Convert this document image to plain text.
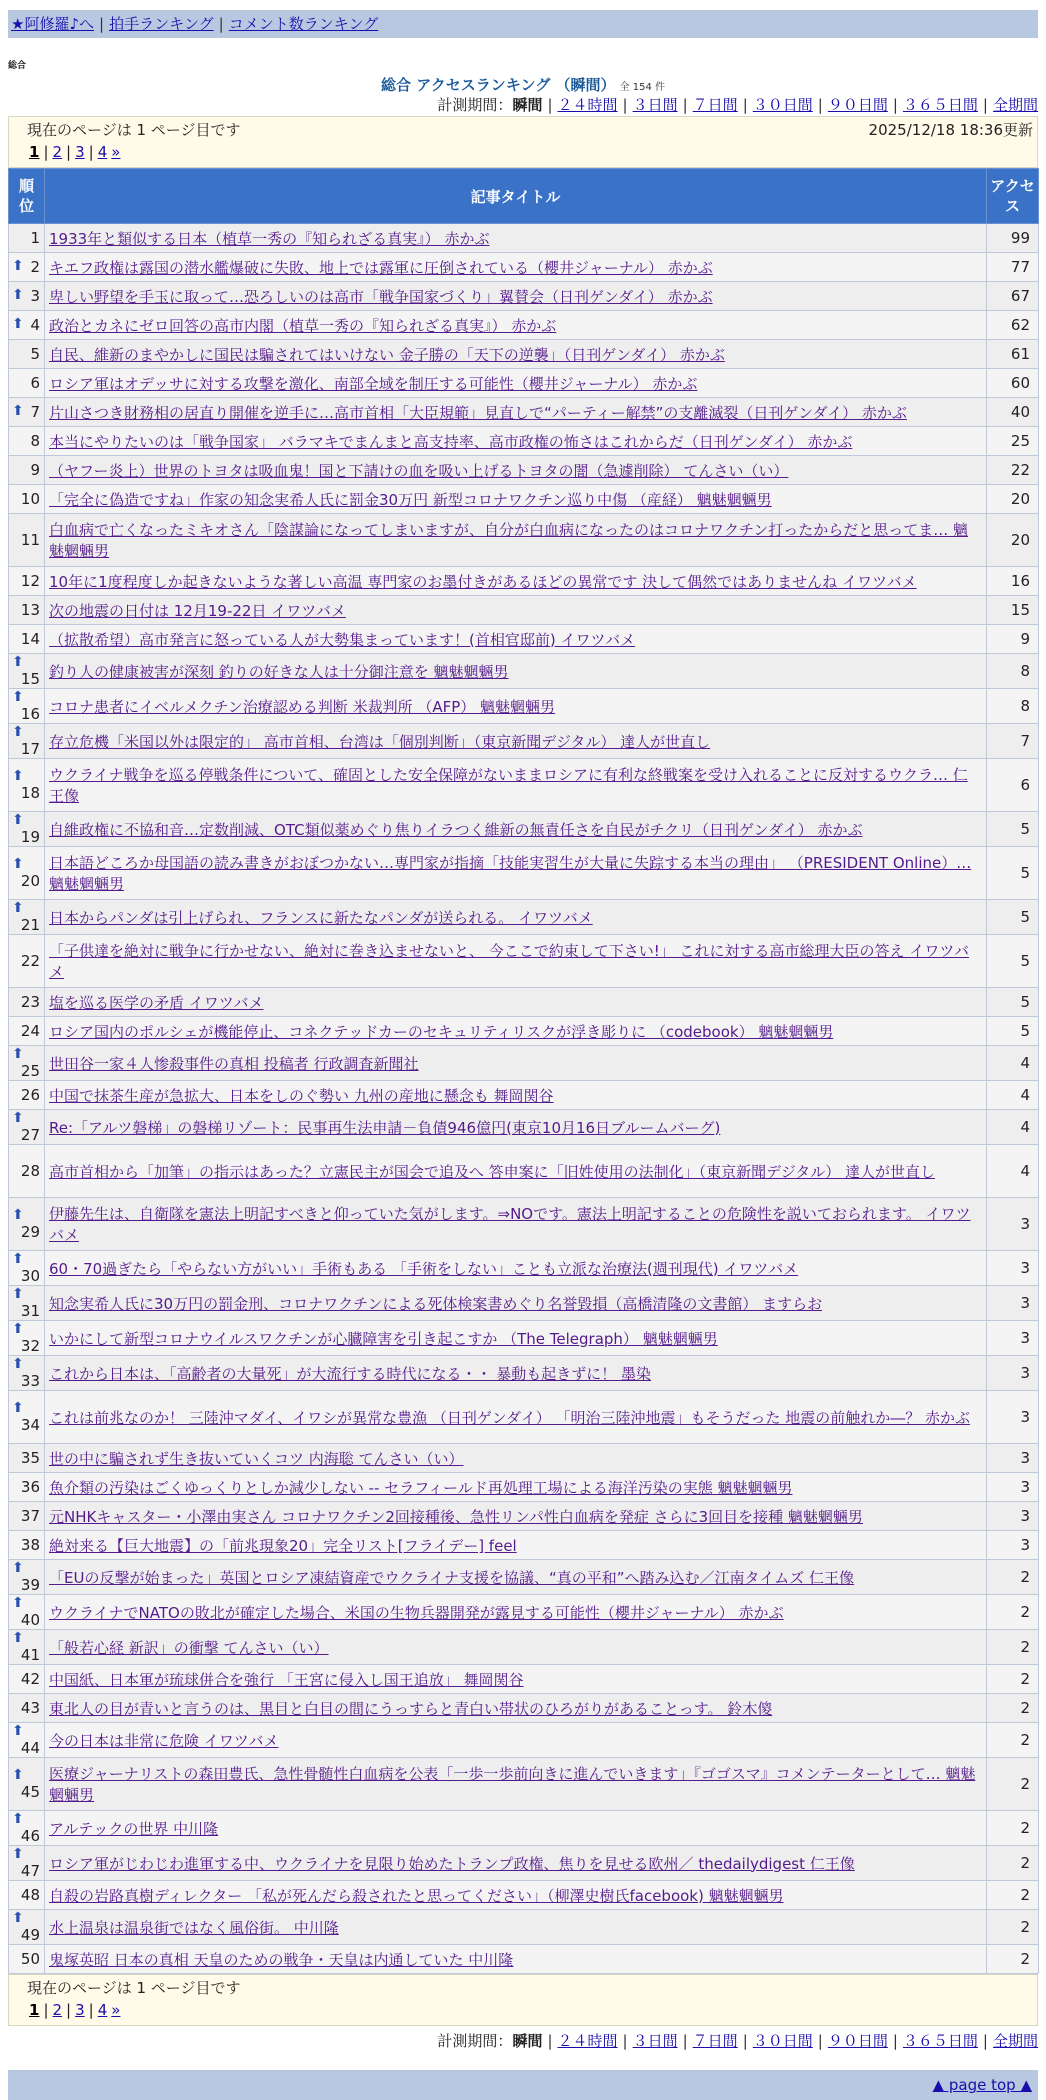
★阿修羅♪へ | 拍手ランキング | コメント数ランキング
総合
総合 アクセスランキング （瞬間） 全 154 件
計測期間：瞬間 | ２４時間 | ３日間 | ７日間 | ３０日間 | ９０日間 | ３６５日間 | 全期間
現在のページは 1 ページ目です	2025/12/18 18:36更新
1 | 2 | 3 | 4 »
順位	記事タイトル	アクセス
1	1933年と類似する日本（植草一秀の『知られざる真実』） 赤かぶ	99

⬆
2	キエフ政権は露国の潜水艦爆破に失敗、地上では露軍に圧倒されている（櫻井ジャーナル） 赤かぶ	77

⬆
3	卑しい野望を手玉に取って…恐ろしいのは高市「戦争国家づくり」翼賛会（日刊ゲンダイ） 赤かぶ	67

⬆
4	政治とカネにゼロ回答の高市内閣（植草一秀の『知られざる真実』） 赤かぶ	62
5	自民、維新のまやかしに国民は騙されてはいけない 金子勝の「天下の逆襲」（日刊ゲンダイ） 赤かぶ	61
6	ロシア軍はオデッサに対する攻撃を激化、南部全域を制圧する可能性（櫻井ジャーナル） 赤かぶ	60

⬆
7	片山さつき財務相の居直り開催を逆手に…高市首相「大臣規範」見直しで“パーティー解禁”の支離滅裂（日刊ゲンダイ） 赤かぶ	40
8	本当にやりたいのは「戦争国家」 バラマキでまんまと高支持率、高市政権の怖さはこれからだ（日刊ゲンダイ） 赤かぶ	25
9	（ヤフー炎上）世界のトヨタは吸血鬼！国と下請けの血を吸い上げるトヨタの闇（急遽削除） てんさい（い）	22
10	「完全に偽造ですね」作家の知念実希人氏に罰金30万円 新型コロナワクチン巡り中傷 （産経） 魑魅魍魎男	20
11	白血病で亡くなったミキオさん「陰謀論になってしまいますが、自分が白血病になったのはコロナワクチン打ったからだと思ってま… 魑魅魍魎男	20
12	10年に1度程度しか起きないような著しい高温 専門家のお墨付きがあるほどの異常です 決して偶然ではありませんね イワツバメ	16
13	次の地震の日付は 12月19-22日 イワツバメ	15
14	（拡散希望）高市発言に怒っている人が大勢集まっています！(首相官邸前) イワツバメ	9

⬆
15	釣り人の健康被害が深刻 釣りの好きな人は十分御注意を 魑魅魍魎男	8

⬆
16	コロナ患者にイベルメクチン治療認める判断 米裁判所 （AFP） 魑魅魍魎男	8

⬆
17	存立危機「米国以外は限定的」 高市首相、台湾は「個別判断」（東京新聞デジタル） 達人が世直し	7

⬆
18	ウクライナ戦争を巡る停戦条件について、確固とした安全保障がないままロシアに有利な終戦案を受け入れることに反対するウクラ… 仁王像	6

⬆
19	自維政権に不協和音…定数削減、OTC類似薬めぐり焦りイラつく維新の無責任さを自民がチクリ（日刊ゲンダイ） 赤かぶ	5

⬆
20	日本語どころか母国語の読み書きがおぼつかない…専門家が指摘「技能実習生が大量に失踪する本当の理由」 （PRESIDENT Online）… 魑魅魍魎男	5

⬆
21	日本からパンダは引上げられ、フランスに新たなパンダが送られる。 イワツバメ	5
22	「子供達を絶対に戦争に行かせない、絶対に巻き込ませないと、 今ここで約束して下さい!」 これに対する高市総理大臣の答え イワツバメ	5
23	塩を巡る医学の矛盾 イワツバメ	5
24	ロシア国内のポルシェが機能停止、コネクテッドカーのセキュリティリスクが浮き彫りに （codebook） 魑魅魍魎男	5

⬆
25	世田谷一家４人惨殺事件の真相 投稿者 行政調査新聞社	4
26	中国で抹茶生産が急拡大、日本をしのぐ勢い 九州の産地に懸念も 舞岡関谷	4

⬆
27	Re:「アルツ磐梯」の磐梯リゾート：民事再生法申請－負債946億円(東京10月16日ブルームバーグ)	4
28	高市首相から「加筆」の指示はあった？立憲民主が国会で追及へ 答申案に「旧姓使用の法制化」（東京新聞デジタル） 達人が世直し	4

⬆
29	伊藤先生は、自衛隊を憲法上明記すべきと仰っていた気がします。⇒NOです。憲法上明記することの危険性を説いておられます。 イワツバメ	3

⬆
30	60・70過ぎたら「やらない方がいい」手術もある 「手術をしない」ことも立派な治療法(週刊現代) イワツバメ	3

⬆
31	知念実希人氏に30万円の罰金刑、コロナワクチンによる死体検案書めぐり名誉毀損（高橋清隆の文書館） ますらお	3

⬆
32	いかにして新型コロナウイルスワクチンが心臓障害を引き起こすか （The Telegraph） 魑魅魍魎男	3

⬆
33	これから日本は、「高齢者の大量死」が大流行する時代になる・・ 暴動も起きずに！ 墨染	3

⬆
34	これは前兆なのか！ 三陸沖マダイ、イワシが異常な豊漁 （日刊ゲンダイ） 「明治三陸沖地震」もそうだった 地震の前触れか―？ 赤かぶ	3
35	世の中に騙されず生き抜いていくコツ 内海聡 てんさい（い）	3
36	魚介類の汚染はごくゆっくりとしか減少しない -- セラフィールド再処理工場による海洋汚染の実態 魑魅魍魎男	3
37	元NHKキャスター・小澤由実さん コロナワクチン2回接種後、急性リンパ性白血病を発症 さらに3回目を接種 魑魅魍魎男	3
38	絶対来る【巨大地震】の「前兆現象20」完全リスト[フライデー] feel	3

⬆
39	「EUの反撃が始まった」英国とロシア凍結資産でウクライナ支援を協議、“真の平和”へ踏み込む／江南タイムズ 仁王像	2

⬆
40	ウクライナでNATOの敗北が確定した場合、米国の生物兵器開発が露見する可能性（櫻井ジャーナル） 赤かぶ	2

⬆
41	「般若心経 新訳」の衝撃 てんさい（い）	2
42	中国紙、日本軍が琉球併合を強行 「王宮に侵入し国王追放」 舞岡関谷	2
43	東北人の目が青いと言うのは、黒目と白目の間にうっすらと青白い帯状のひろがりがあることっす。 鈴木傻	2

⬆
44	今の日本は非常に危険 イワツバメ	2

⬆
45	医療ジャーナリストの森田豊氏、急性骨髄性白血病を公表「一歩一歩前向きに進んでいきます」『ゴゴスマ』コメンテーターとして… 魑魅魍魎男	2

⬆
46	アルテックの世界 中川隆	2

⬆
47	ロシア軍がじわじわ進軍する中、ウクライナを見限り始めたトランプ政権、焦りを見せる欧州／ thedailydigest 仁王像	2
48	自殺の岩路真樹ディレクター 「私が死んだら殺されたと思ってください」（柳澤史樹氏facebook) 魑魅魍魎男	2

⬆
49	水上温泉は温泉街ではなく風俗街。 中川隆	2
50	鬼塚英昭 日本の真相 天皇のための戦争・天皇は内通していた 中川隆	2
現在のページは 1 ページ目です
1 | 2 | 3 | 4 »
計測期間：瞬間 | ２４時間 | ３日間 | ７日間 | ３０日間 | ９０日間 | ３６５日間 | 全期間
▲ page top ▲
